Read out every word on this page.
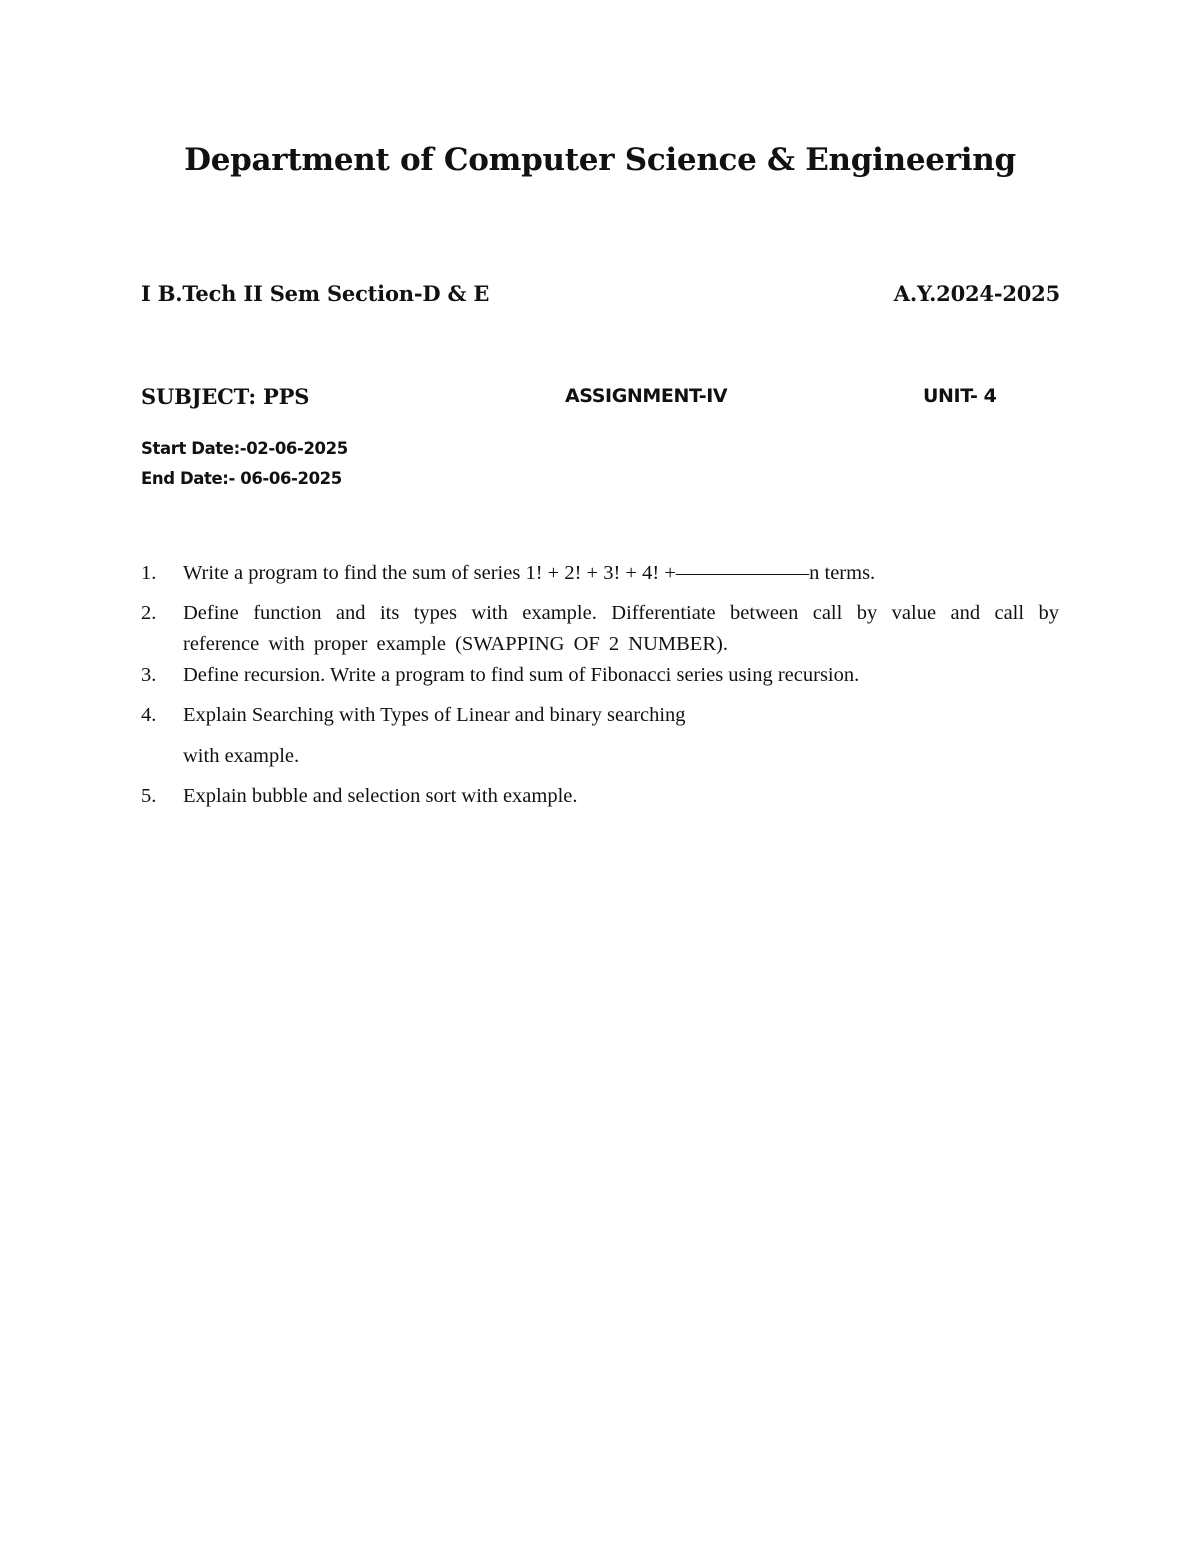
Department of Computer Science & Engineering
I B.Tech II Sem Section-D & E	A.Y.2024-2025
SUBJECT: PPS	ASSIGNMENT-IV	UNIT- 4
Start Date:-02-06-2025
End Date:- 06-06-2025
1. Write a program to find the sum of series 1! + 2! + 3! + 4! +——————–n terms.
2. Define function and its types with example. Differentiate between call by value and call by reference with proper example (SWAPPING OF 2 NUMBER).
3. Define recursion. Write a program to find sum of Fibonacci series using recursion.
4. Explain Searching with Types of Linear and binary searching
with example.
5. Explain bubble and selection sort with example.
